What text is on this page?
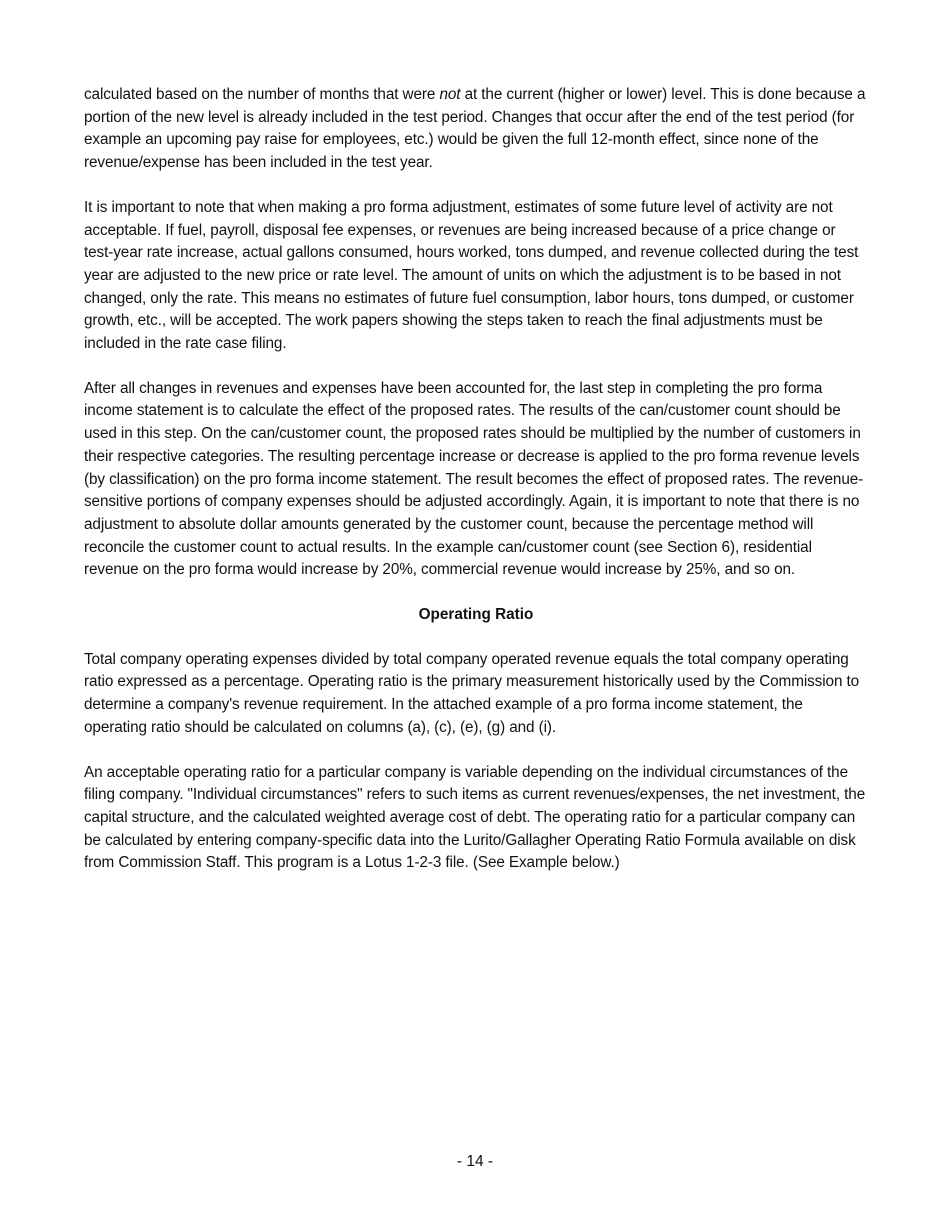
calculated based on the number of months that were not at the current (higher or lower) level. This is done because a portion of the new level is already included in the test period. Changes that occur after the end of the test period (for example an upcoming pay raise for employees, etc.) would be given the full 12-month effect, since none of the revenue/expense has been included in the test year.

It is important to note that when making a pro forma adjustment, estimates of some future level of activity are not acceptable. If fuel, payroll, disposal fee expenses, or revenues are being increased because of a price change or test-year rate increase, actual gallons consumed, hours worked, tons dumped, and revenue collected during the test year are adjusted to the new price or rate level. The amount of units on which the adjustment is to be based in not changed, only the rate. This means no estimates of future fuel consumption, labor hours, tons dumped, or customer growth, etc., will be accepted. The work papers showing the steps taken to reach the final adjustments must be included in the rate case filing.

After all changes in revenues and expenses have been accounted for, the last step in completing the pro forma income statement is to calculate the effect of the proposed rates. The results of the can/customer count should be used in this step. On the can/customer count, the proposed rates should be multiplied by the number of customers in their respective categories. The resulting percentage increase or decrease is applied to the pro forma revenue levels (by classification) on the pro forma income statement. The result becomes the effect of proposed rates. The revenue-sensitive portions of company expenses should be adjusted accordingly. Again, it is important to note that there is no adjustment to absolute dollar amounts generated by the customer count, because the percentage method will reconcile the customer count to actual results. In the example can/customer count (see Section 6), residential revenue on the pro forma would increase by 20%, commercial revenue would increase by 25%, and so on.

Operating Ratio

Total company operating expenses divided by total company operated revenue equals the total company operating ratio expressed as a percentage. Operating ratio is the primary measurement historically used by the Commission to determine a company's revenue requirement. In the attached example of a pro forma income statement, the operating ratio should be calculated on columns (a), (c), (e), (g) and (i).

An acceptable operating ratio for a particular company is variable depending on the individual circumstances of the filing company. "Individual circumstances" refers to such items as current revenues/expenses, the net investment, the capital structure, and the calculated weighted average cost of debt. The operating ratio for a particular company can be calculated by entering company-specific data into the Lurito/Gallagher Operating Ratio Formula available on disk from Commission Staff. This program is a Lotus 1-2-3 file. (See Example below.)

- 14 -
